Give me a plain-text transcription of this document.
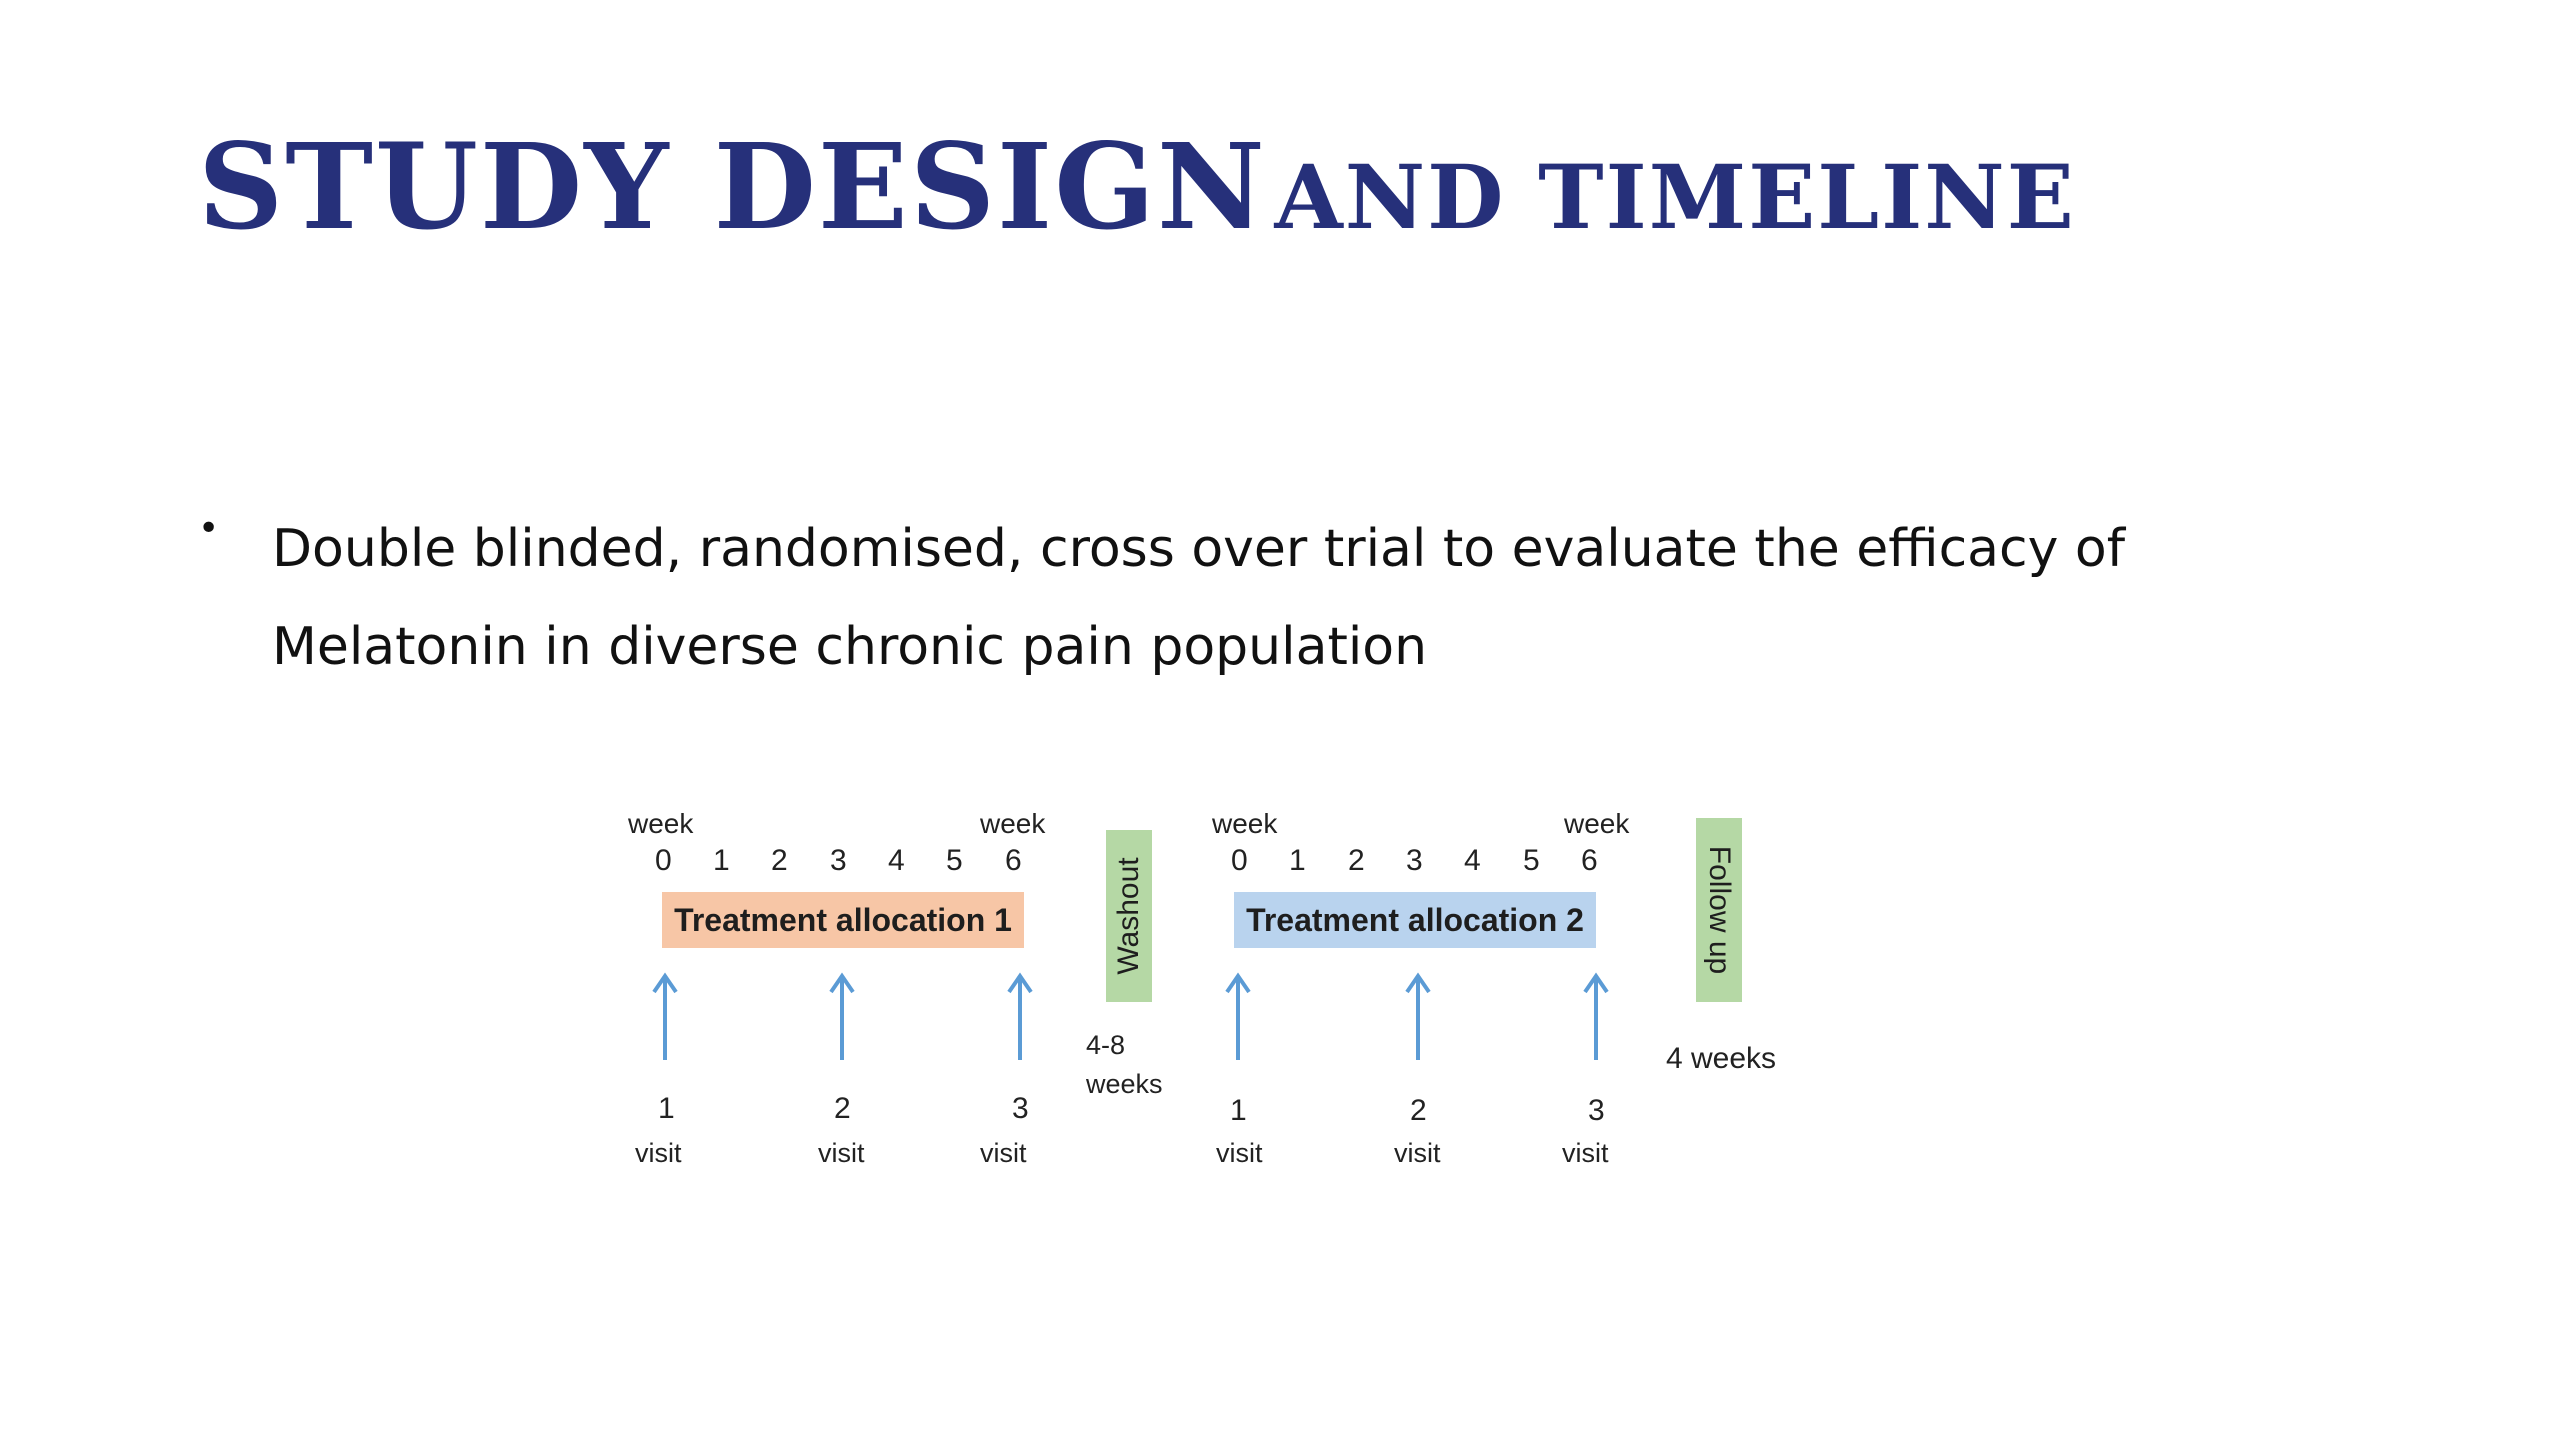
STUDY DESIGN AND TIMELINE
• Double blinded, randomised, cross over trial to evaluate the efficacy of Melatonin in diverse chronic pain population
week	week
0 1 2 3 4 5 6
Treatment allocation 1
1
visit
2
visit
3
visit
Washout
4-8
weeks
week	week
0 1 2 3 4 5 6
Treatment allocation 2
1
visit
2
visit
3
visit
Follow up
4 weeks
